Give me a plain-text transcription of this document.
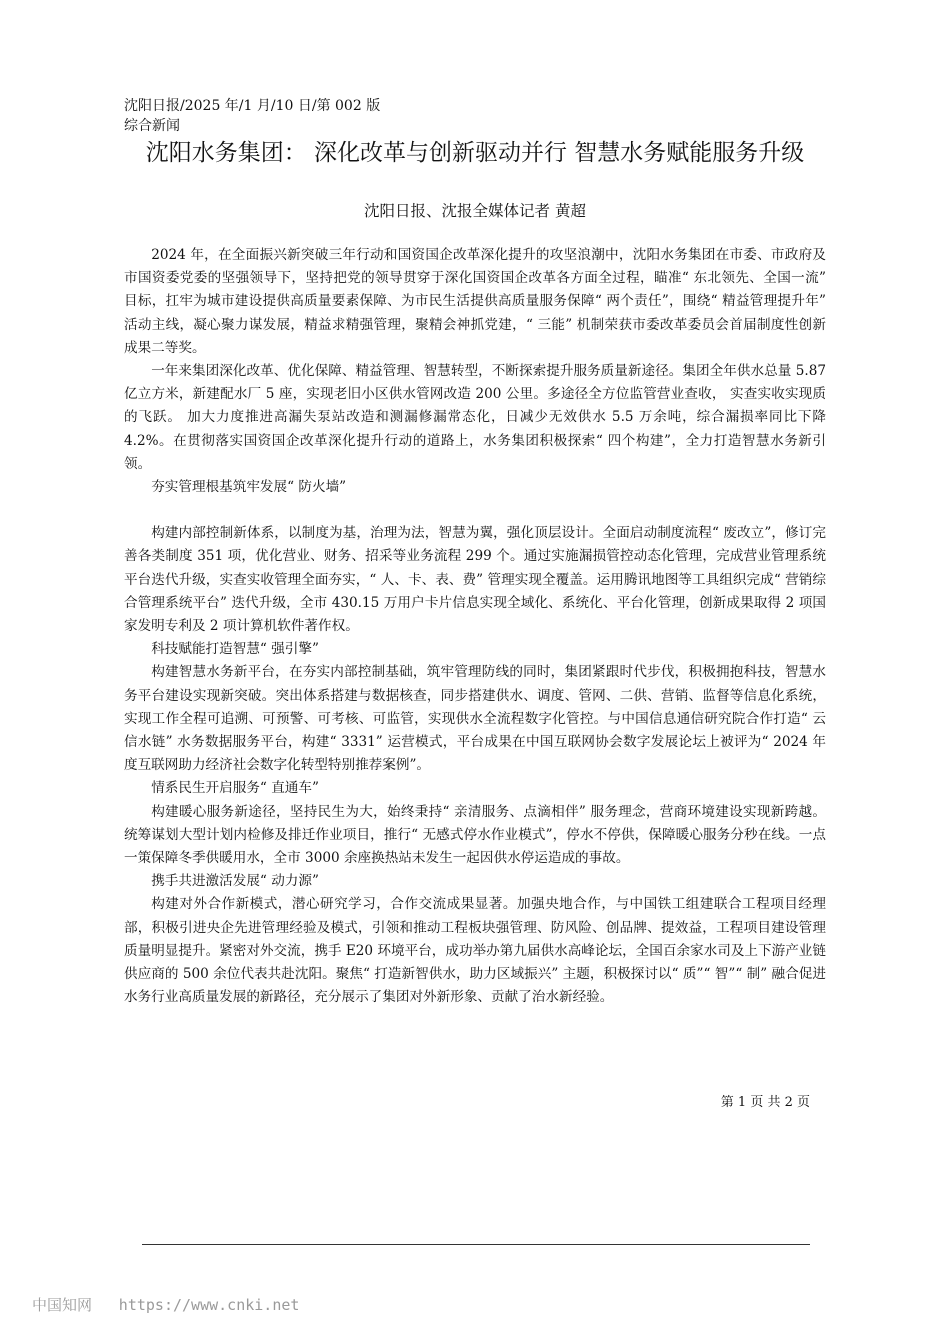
沈阳日报/2025 年/1 月/10 日/第 002 版综合新闻
沈阳水务集团： 深化改革与创新驱动并行 智慧水务赋能服务升级
沈阳日报、沈报全媒体记者 黄超

2024 年，在全面振兴新突破三年行动和国资国企改革深化提升的攻坚浪潮中，沈阳水务集团在市委、市政府及市国资委党委的坚强领导下，坚持把党的领导贯穿于深化国资国企改革各方面全过程，瞄准“ 东北领先、全国一流” 目标，扛牢为城市建设提供高质量要素保障、为市民生活提供高质量服务保障“ 两个责任”，围绕“ 精益管理提升年” 活动主线，凝心聚力谋发展，精益求精强管理，聚精会神抓党建，“ 三能” 机制荣获市委改革委员会首届制度性创新成果二等奖。

一年来集团深化改革、优化保障、精益管理、智慧转型，不断探索提升服务质量新途径。集团全年供水总量 5.87 亿立方米，新建配水厂 5 座，实现老旧小区供水管网改造 200 公里。多途径全方位监管营业查收， 实查实收实现质的飞跃。 加大力度推进高漏失泵站改造和测漏修漏常态化，日减少无效供水 5.5 万余吨，综合漏损率同比下降 4.2%。在贯彻落实国资国企改革深化提升行动的道路上，水务集团积极探索“ 四个构建”，全力打造智慧水务新引领。

夯实管理根基筑牢发展“ 防火墙”

构建内部控制新体系，以制度为基，治理为法，智慧为翼，强化顶层设计。全面启动制度流程“ 废改立”，修订完善各类制度 351 项，优化营业、财务、招采等业务流程 299 个。通过实施漏损管控动态化管理，完成营业管理系统平台迭代升级，实查实收管理全面夯实，“ 人、卡、表、费” 管理实现全覆盖。运用腾讯地图等工具组织完成“ 营销综合管理系统平台” 迭代升级，全市 430.15 万用户卡片信息实现全域化、系统化、平台化管理，创新成果取得 2 项国家发明专利及 2 项计算机软件著作权。

科技赋能打造智慧“ 强引擎”

构建智慧水务新平台，在夯实内部控制基础，筑牢管理防线的同时，集团紧跟时代步伐，积极拥抱科技，智慧水务平台建设实现新突破。突出体系搭建与数据核查，同步搭建供水、调度、管网、二供、营销、监督等信息化系统，实现工作全程可追溯、可预警、可考核、可监管，实现供水全流程数字化管控。与中国信息通信研究院合作打造“ 云信水链” 水务数据服务平台，构建“ 3331” 运营模式，平台成果在中国互联网协会数字发展论坛上被评为“ 2024 年度互联网助力经济社会数字化转型特别推荐案例”。

情系民生开启服务“ 直通车”

构建暖心服务新途径，坚持民生为大，始终秉持“ 亲清服务、点滴相伴” 服务理念，营商环境建设实现新跨越。统筹谋划大型计划内检修及排迁作业项目，推行“ 无感式停水作业模式”，停水不停供，保障暖心服务分秒在线。一点一策保障冬季供暖用水，全市 3000 余座换热站未发生一起因供水停运造成的事故。

携手共进激活发展“ 动力源”

构建对外合作新模式，潜心研究学习，合作交流成果显著。加强央地合作，与中国铁工组建联合工程项目经理部，积极引进央企先进管理经验及模式，引领和推动工程板块强管理、防风险、创品牌、提效益，工程项目建设管理质量明显提升。紧密对外交流，携手 E20 环境平台，成功举办第九届供水高峰论坛，全国百余家水司及上下游产业链供应商的 500 余位代表共赴沈阳。聚焦“ 打造新智供水，助力区域振兴” 主题，积极探讨以“ 质”“ 智”“ 制” 融合促进水务行业高质量发展的新路径，充分展示了集团对外新形象、贡献了治水新经验。

第 1 页 共 2 页
中国知网 https://www.cnki.net
